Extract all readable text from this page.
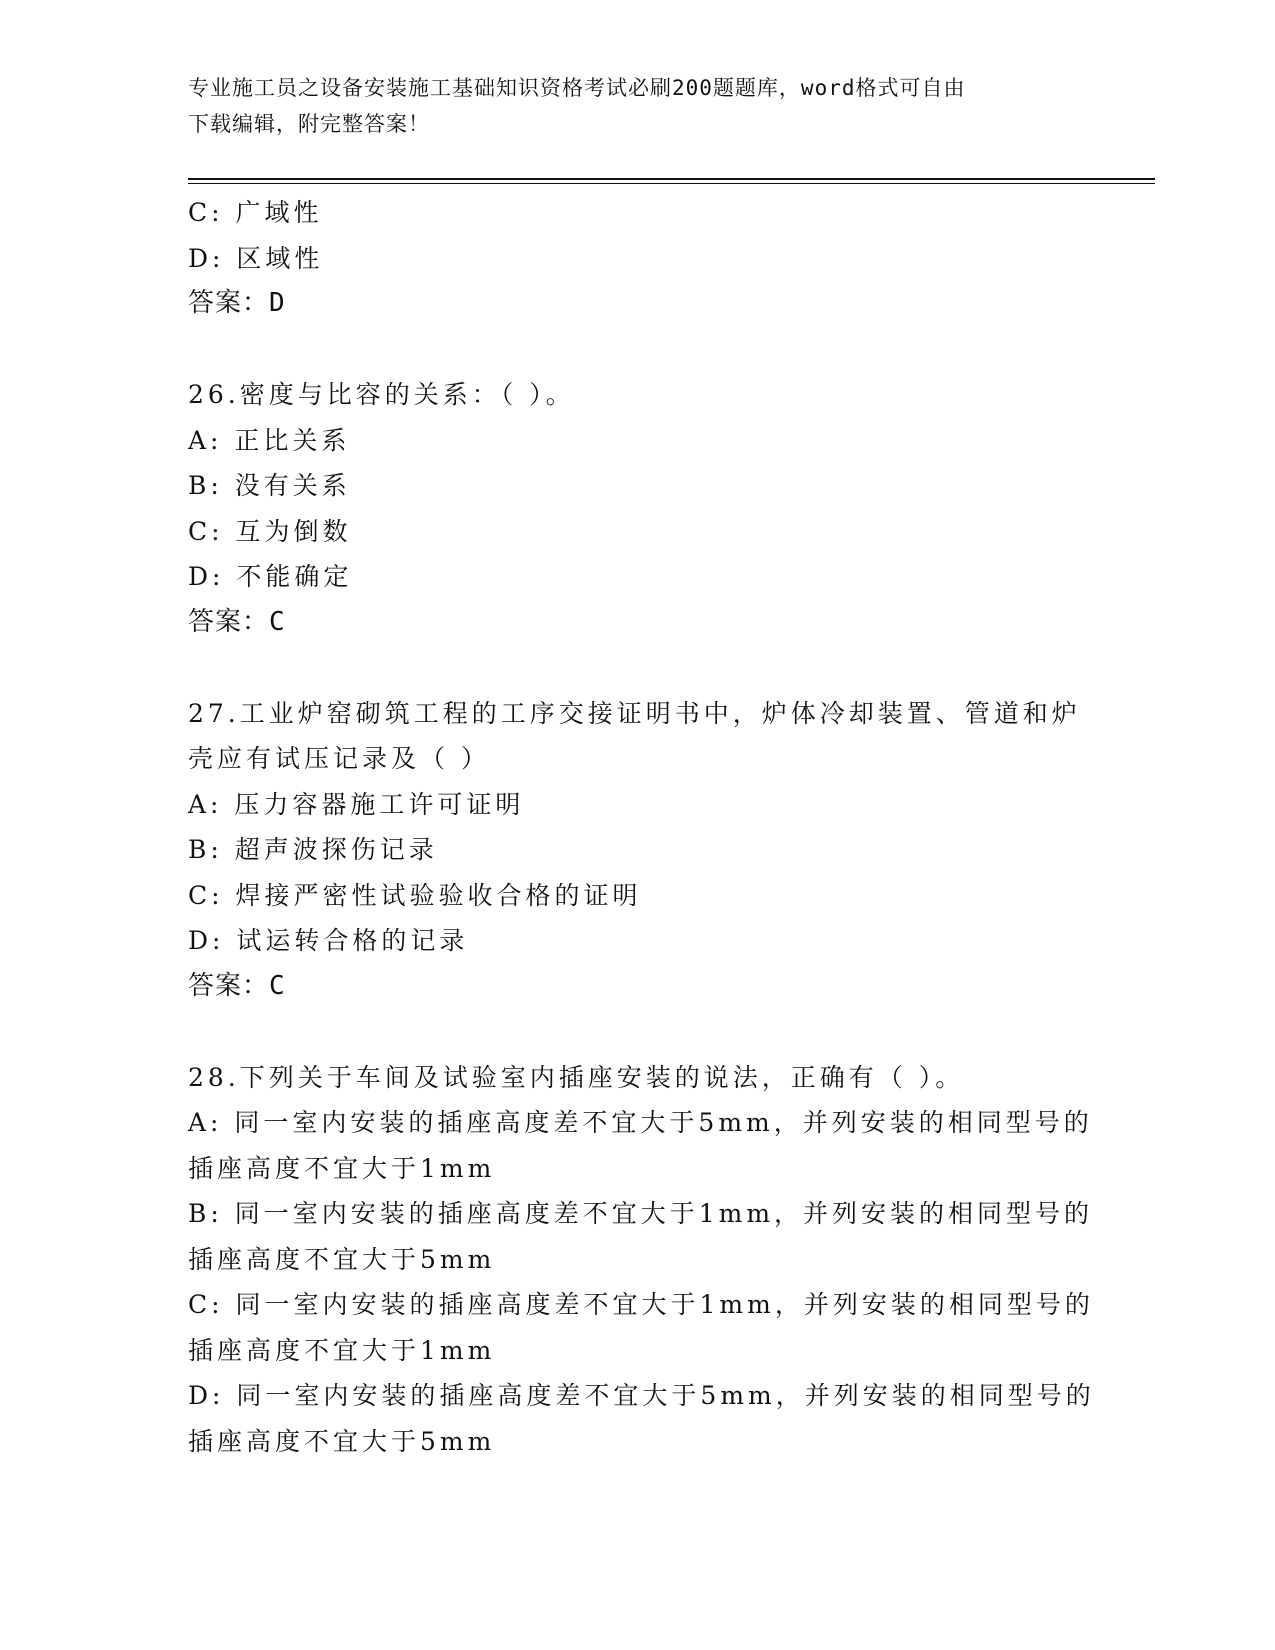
专业施工员之设备安装施工基础知识资格考试必刷200题题库，word格式可自由
下载编辑，附完整答案！
C: 广域性
D: 区域性
答案：D
26.密度与比容的关系：（ ）。
A: 正比关系
B: 没有关系
C: 互为倒数
D: 不能确定
答案：C
27.工业炉窑砌筑工程的工序交接证明书中，炉体冷却装置、管道和炉
壳应有试压记录及（ ）
A: 压力容器施工许可证明
B: 超声波探伤记录
C: 焊接严密性试验验收合格的证明
D: 试运转合格的记录
答案：C
28.下列关于车间及试验室内插座安装的说法，正确有（ ）。
A: 同一室内安装的插座高度差不宜大于5mm，并列安装的相同型号的
插座高度不宜大于1mm
B: 同一室内安装的插座高度差不宜大于1mm，并列安装的相同型号的
插座高度不宜大于5mm
C: 同一室内安装的插座高度差不宜大于1mm，并列安装的相同型号的
插座高度不宜大于1mm
D: 同一室内安装的插座高度差不宜大于5mm，并列安装的相同型号的
插座高度不宜大于5mm
